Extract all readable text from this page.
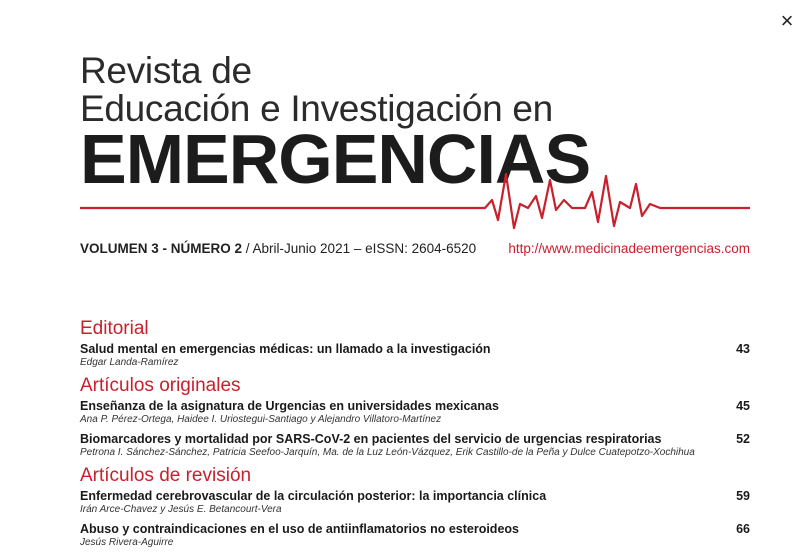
×
Revista de
Educación e Investigación en
EMERGENCIAS
VOLUMEN 3 - NÚMERO 2 / Abril-Junio 2021 – eISSN: 2604-6520 http://www.medicinadeemergencias.com
Editorial
Salud mental en emergencias médicas: un llamado a la investigación
Edgar Landa-Ramírez
43
Artículos originales
Enseñanza de la asignatura de Urgencias en universidades mexicanas
Ana P. Pérez-Ortega, Haidee I. Uriostegui-Santiago y Alejandro Villatoro-Martínez
45
Biomarcadores y mortalidad por SARS-CoV-2 en pacientes del servicio de urgencias respiratorias
Petrona I. Sánchez-Sánchez, Patricia Seefoo-Jarquín, Ma. de la Luz León-Vázquez, Erik Castillo-de la Peña y Dulce Cuatepotzo-Xochihua
52
Artículos de revisión
Enfermedad cerebrovascular de la circulación posterior: la importancia clínica
Irán Arce-Chavez y Jesús E. Betancourt-Vera
59
Abuso y contraindicaciones en el uso de antiinflamatorios no esteroideos
Jesús Rivera-Aguirre
66
